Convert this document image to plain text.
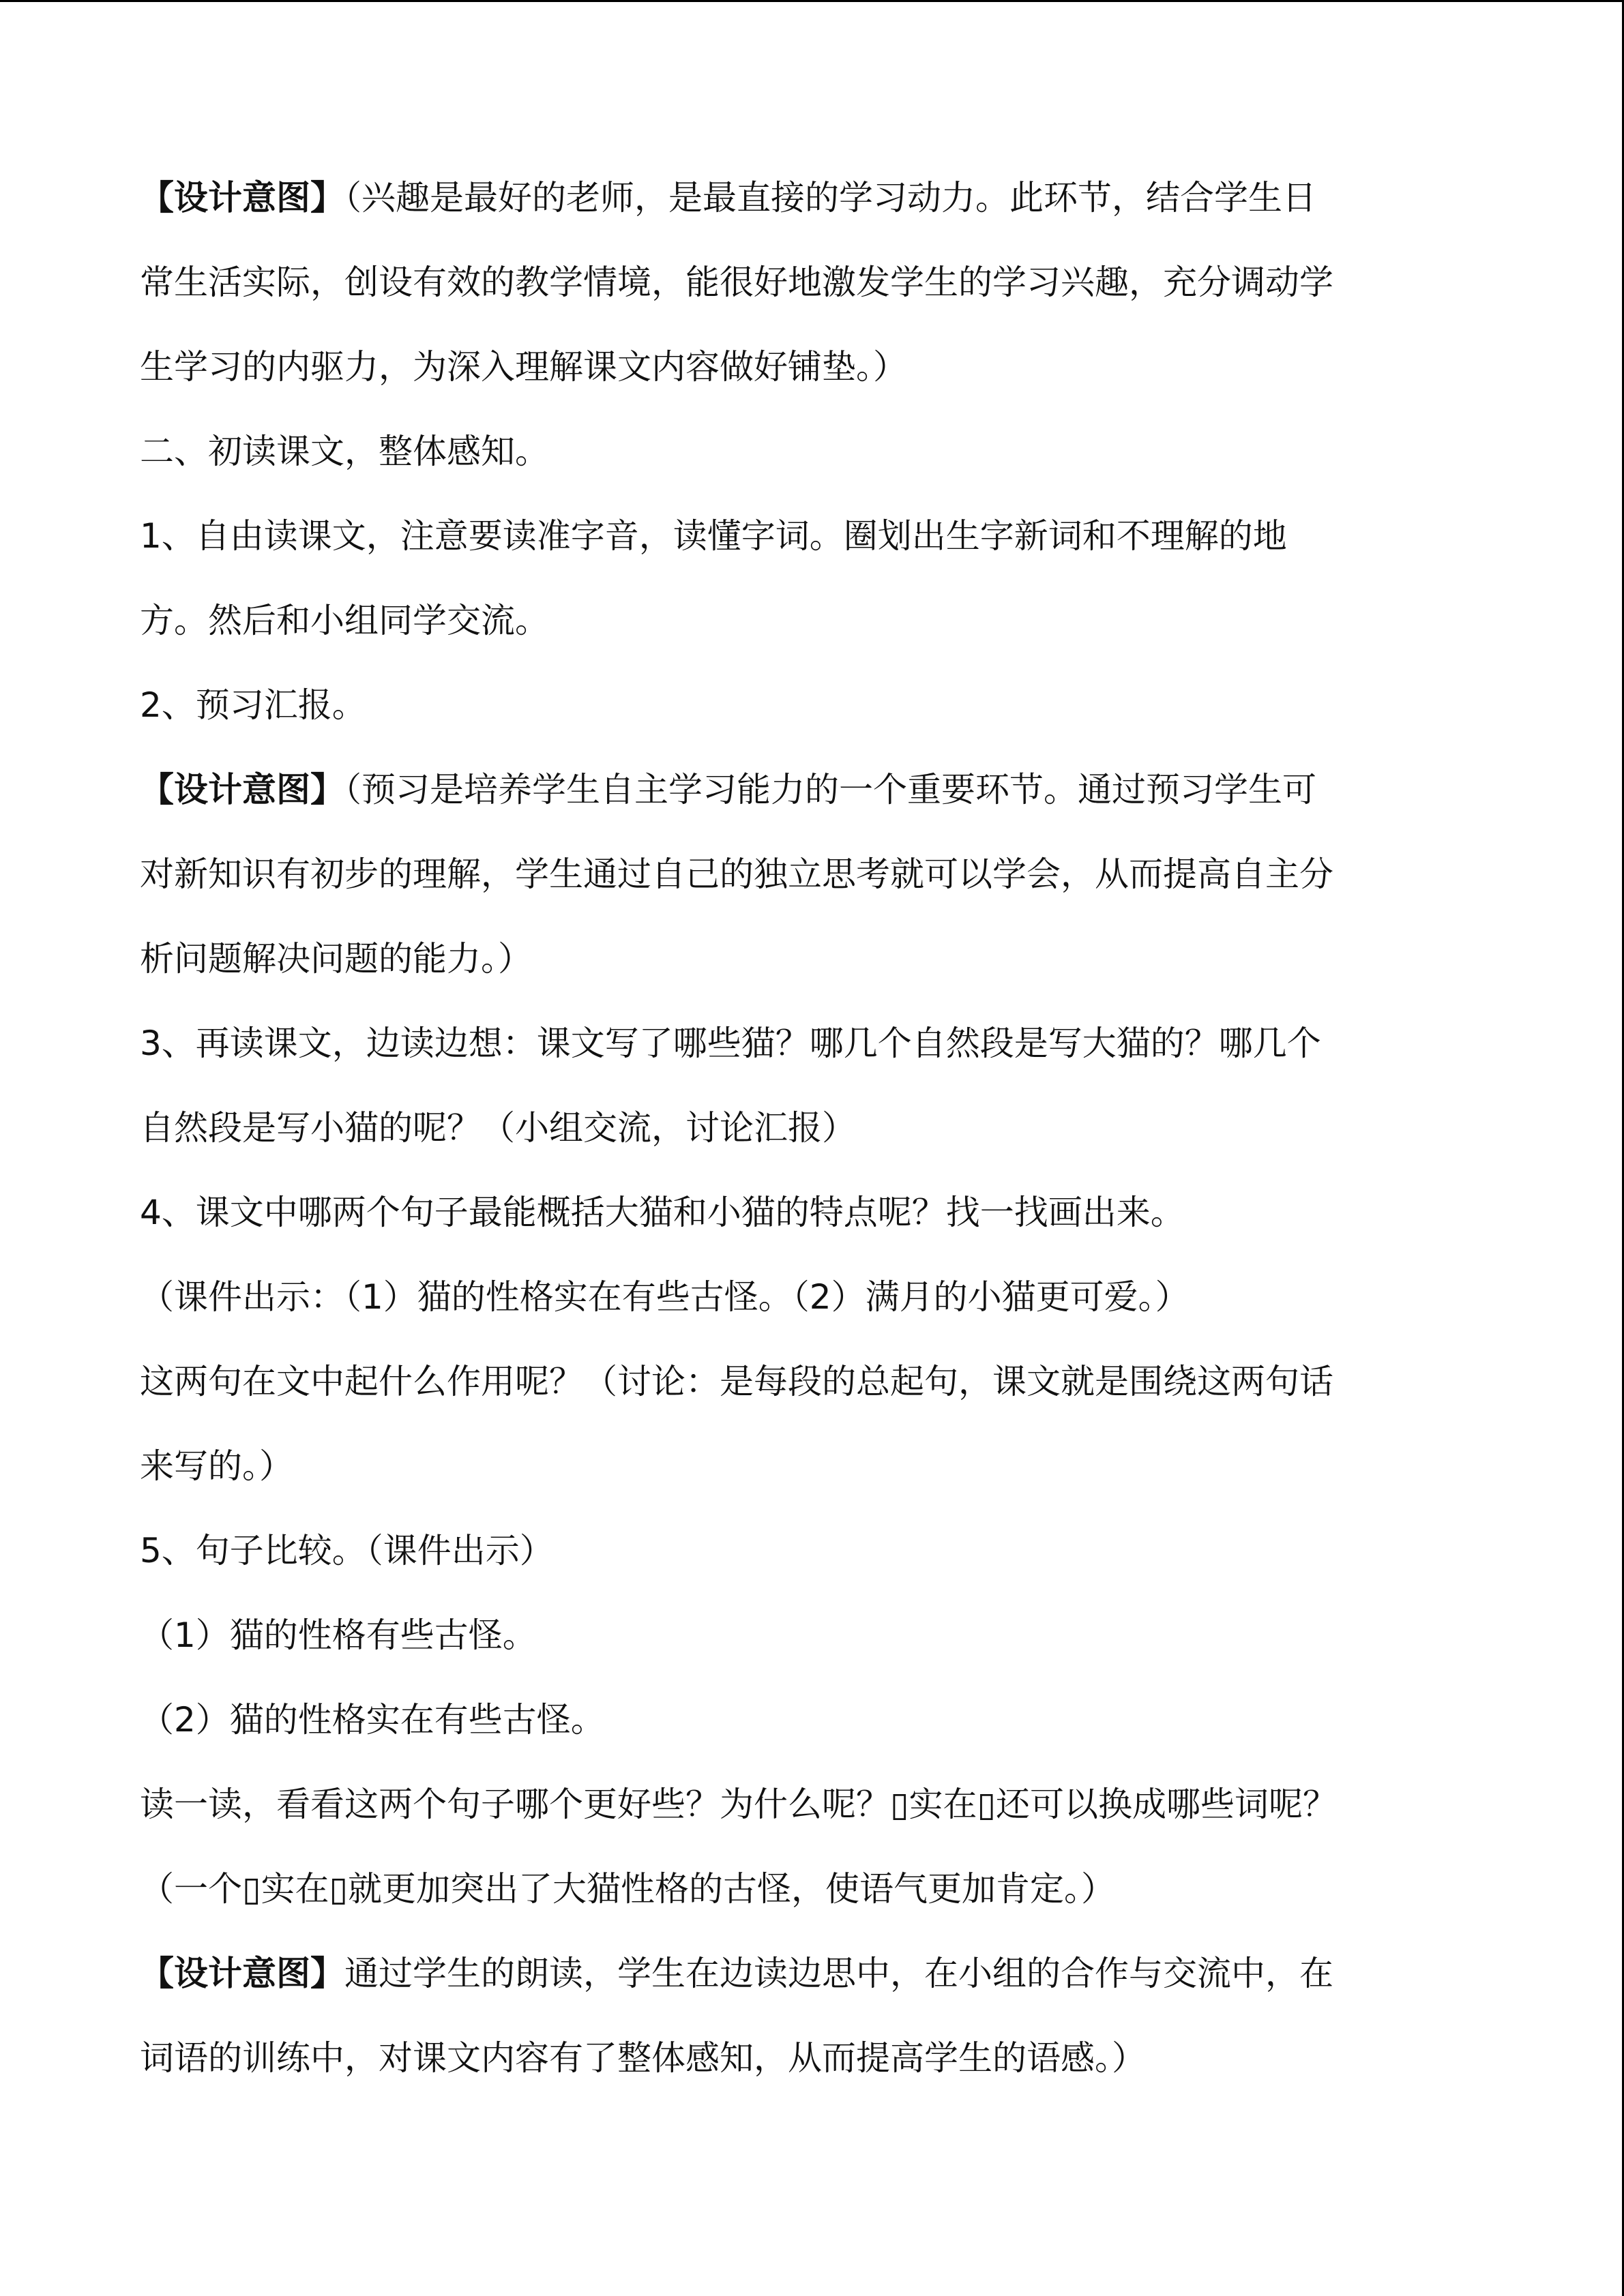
【设计意图】（兴趣是最好的老师，是最直接的学习动力。此环节，结合学生日
常生活实际，创设有效的教学情境，能很好地激发学生的学习兴趣，充分调动学
生学习的内驱力，为深入理解课文内容做好铺垫。）
二、初读课文，整体感知。
1、自由读课文，注意要读准字音，读懂字词。圈划出生字新词和不理解的地
方。然后和小组同学交流。
2、预习汇报。
【设计意图】（预习是培养学生自主学习能力的一个重要环节。通过预习学生可
对新知识有初步的理解，学生通过自己的独立思考就可以学会，从而提高自主分
析问题解决问题的能力。）
3、再读课文，边读边想：课文写了哪些猫？哪几个自然段是写大猫的？哪几个
自然段是写小猫的呢？（小组交流，讨论汇报）
4、课文中哪两个句子最能概括大猫和小猫的特点呢？找一找画出来。
（课件出示：（1）猫的性格实在有些古怪。（2）满月的小猫更可爱。）
这两句在文中起什么作用呢？（讨论：是每段的总起句，课文就是围绕这两句话
来写的。）
5、句子比较。（课件出示）
（1）猫的性格有些古怪。
（2）猫的性格实在有些古怪。
读一读，看看这两个句子哪个更好些？为什么呢？▯实在▯还可以换成哪些词呢？
（一个▯实在▯就更加突出了大猫性格的古怪，使语气更加肯定。）
【设计意图】通过学生的朗读，学生在边读边思中，在小组的合作与交流中，在
词语的训练中，对课文内容有了整体感知，从而提高学生的语感。）
